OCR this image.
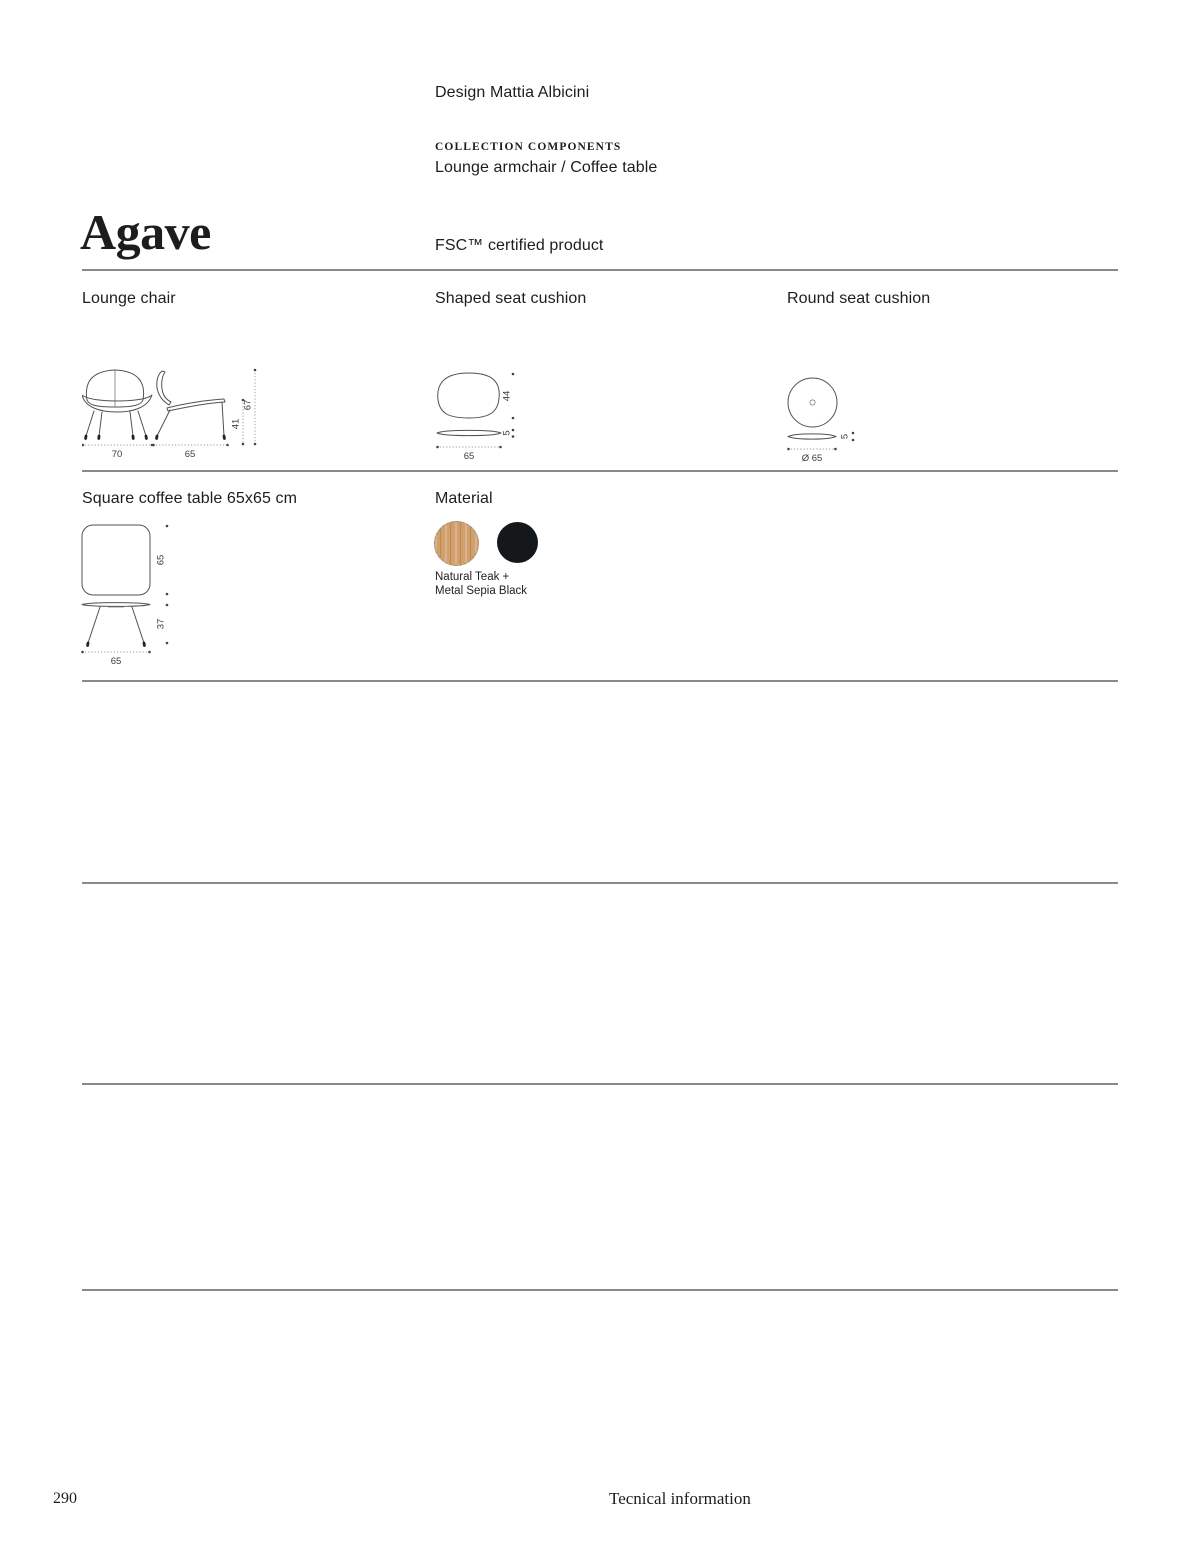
Design Mattia Albicini
COLLECTION COMPONENTS
Lounge armchair / Coffee table
Agave	FSC™ certified product
Lounge chair	Shaped seat cushion	Round seat cushion
70	65
41
67
44
5
65
5
Ø 65
Square coffee table 65x65 cm	Material
65
37
65
Natural Teak +
Metal Sepia Black
290	Tecnical information
